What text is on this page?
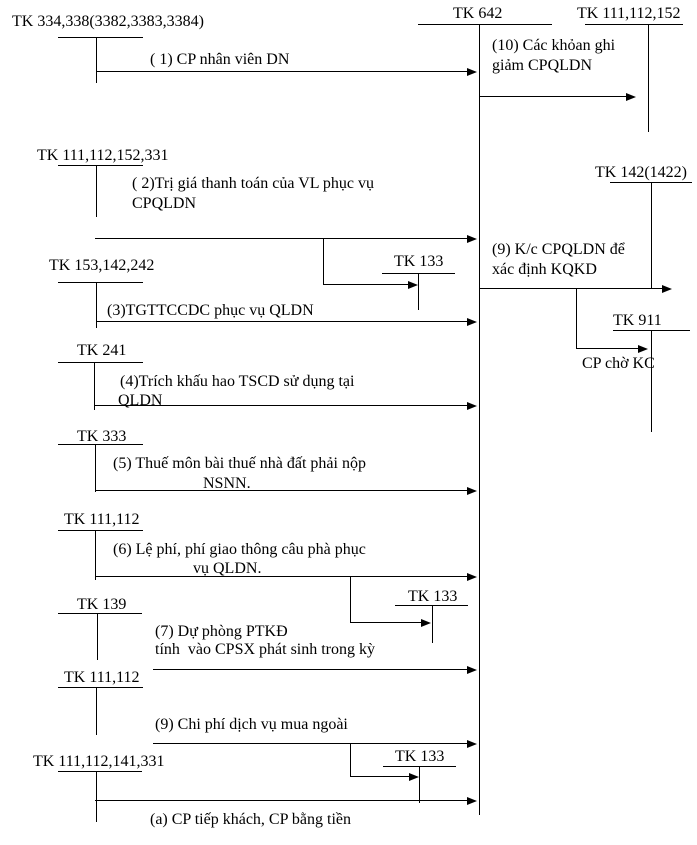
TK 334,338(3382,3383,3384)
TK 111,112,152,331
TK 153,142,242
TK 241
TK 333
TK 111,112
TK 139
TK 111,112
TK 111,112,141,331
TK 642	TK 111,112,152
TK 142(1422)
TK 911
TK 133
TK 133
TK 133
( 1) CP nhân viên DN
( 2)Trị giá thanh toán của VL phục vụ
CPQLDN
(3)TGTTCCDC phục vụ QLDN
(4)Trích khấu hao TSCD sử dụng tại
QLDN
(5) Thuế môn bài thuế nhà đất phải nộp
NSNN.
(6) Lệ phí, phí giao thông câu phà phục
vụ QLDN.
(7) Dự phòng PTKĐ
tính  vào CPSX phát sinh trong kỳ
(9) Chi phí dịch vụ mua ngoài
(a) CP tiếp khách, CP bằng tiền
(10) Các khỏan ghi
giảm CPQLDN
(9) K/c CPQLDN để
xác định KQKD
CP chờ KC
